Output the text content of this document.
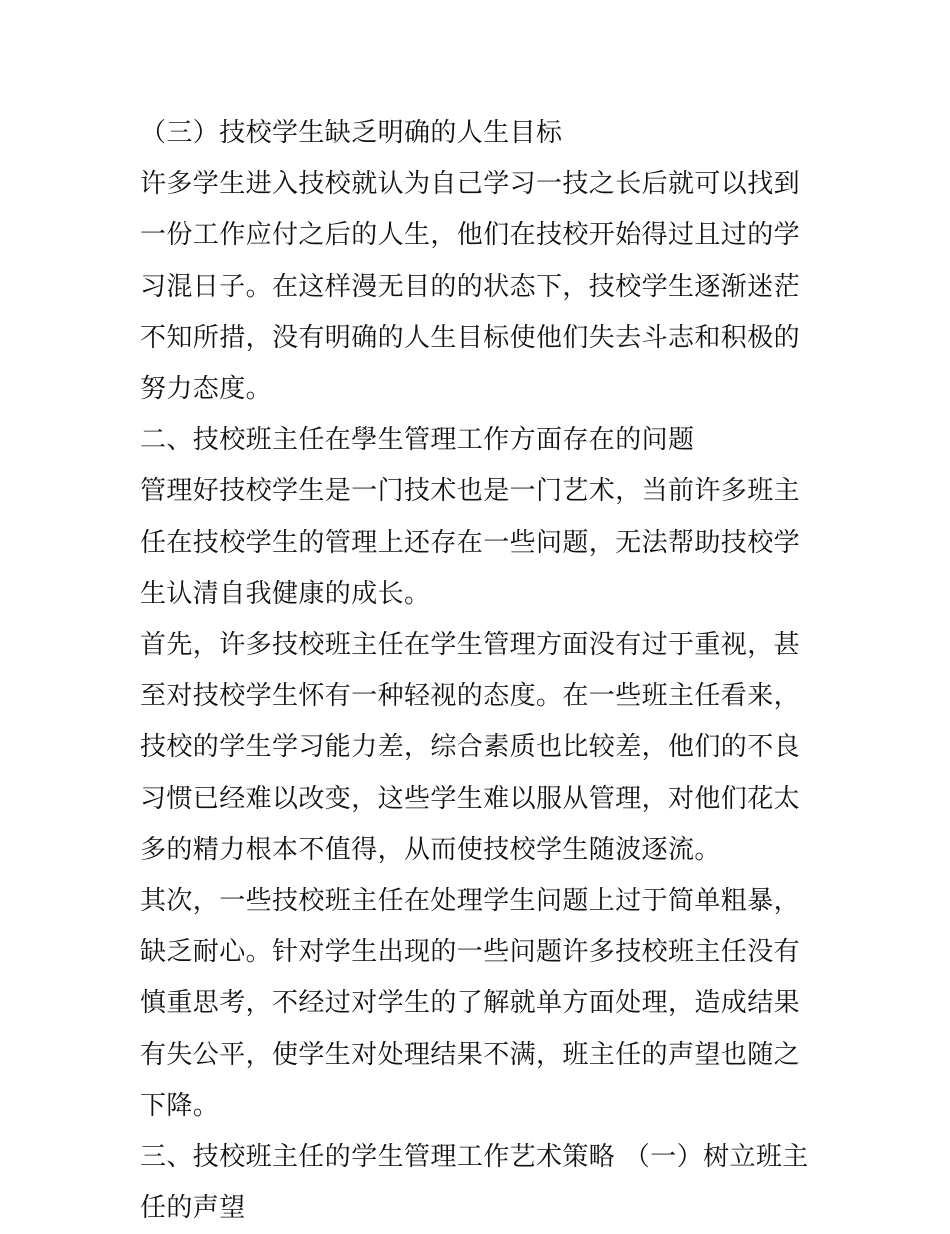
（三）技校学生缺乏明确的人生目标

许多学生进入技校就认为自己学习一技之长后就可以找到一份工作应付之后的人生，他们在技校开始得过且过的学习混日子。在这样漫无目的的状态下，技校学生逐渐迷茫不知所措，没有明确的人生目标使他们失去斗志和积极的努力态度。

二、技校班主任在學生管理工作方面存在的问题

管理好技校学生是一门技术也是一门艺术，当前许多班主任在技校学生的管理上还存在一些问题，无法帮助技校学生认清自我健康的成长。

首先，许多技校班主任在学生管理方面没有过于重视，甚至对技校学生怀有一种轻视的态度。在一些班主任看来，技校的学生学习能力差，综合素质也比较差，他们的不良习惯已经难以改变，这些学生难以服从管理，对他们花太多的精力根本不值得，从而使技校学生随波逐流。

其次，一些技校班主任在处理学生问题上过于简单粗暴，缺乏耐心。针对学生出现的一些问题许多技校班主任没有慎重思考，不经过对学生的了解就单方面处理，造成结果有失公平，使学生对处理结果不满，班主任的声望也随之下降。

三、技校班主任的学生管理工作艺术策略 （一）树立班主任的声望
